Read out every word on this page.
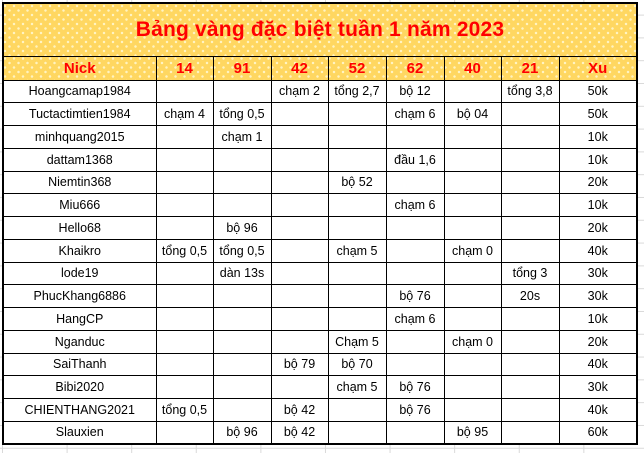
Bảng vàng đặc biệt tuần 1 năm 2023								
Nick	14	91	42	52	62	40	21	Xu
Hoangcamap1984			chạm 2	tổng 2,7	bộ 12		tổng 3,8	50k
Tuctactimtien1984	chạm 4	tổng 0,5			chạm 6	bộ 04		50k
minhquang2015		chạm 1						10k
dattam1368					đầu 1,6			10k
Niemtin368				bộ 52				20k
Miu666					chạm 6			10k
Hello68		bộ 96						20k
Khaikro	tổng 0,5	tổng 0,5		chạm 5		chạm 0		40k
lode19		dàn 13s					tổng 3	30k
PhucKhang6886					bộ 76		20s	30k
HangCP					chạm 6			10k
Nganduc				Chạm 5		chạm 0		20k
SaiThanh			bộ 79	bộ 70				40k
Bibi2020				chạm 5	bộ 76			30k
CHIENTHANG2021	tổng 0,5		bộ 42		bộ 76			40k
Slauxien		bộ 96	bộ 42			bộ 95		60k
